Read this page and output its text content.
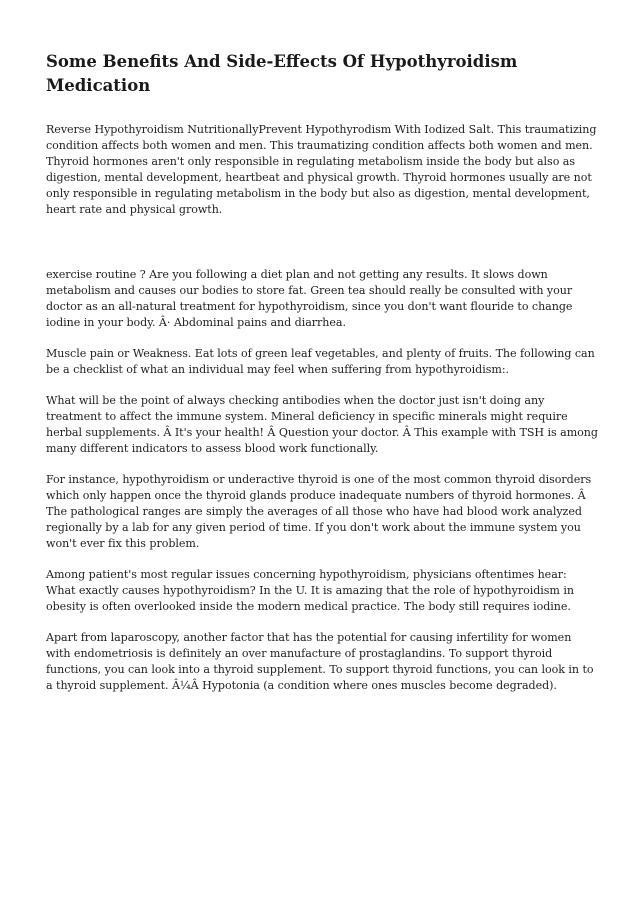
Some Benefits And Side-Effects Of Hypothyroidism Medication

Reverse Hypothyroidism NutritionallyPrevent Hypothyrodism With Iodized Salt. This traumatizing condition affects both women and men. This traumatizing condition affects both women and men. Thyroid hormones aren't only responsible in regulating metabolism inside the body but also as digestion, mental development, heartbeat and physical growth. Thyroid hormones usually are not only responsible in regulating metabolism in the body but also as digestion, mental development, heart rate and physical growth.

exercise routine ? Are you following a diet plan and not getting any results. It slows down metabolism and causes our bodies to store fat. Green tea should really be consulted with your doctor as an all-natural treatment for hypothyroidism, since you don't want flouride to change iodine in your body. Â· Abdominal pains and diarrhea.

Muscle pain or Weakness. Eat lots of green leaf vegetables, and plenty of fruits. The following can be a checklist of what an individual may feel when suffering from hypothyroidism:.

What will be the point of always checking antibodies when the doctor just isn't doing any treatment to affect the immune system. Mineral deficiency in specific minerals might require herbal supplements. Â It's your health! Â Question your doctor. Â This example with TSH is among many different indicators to assess blood work functionally.

For instance, hypothyroidism or underactive thyroid is one of the most common thyroid disorders which only happen once the thyroid glands produce inadequate numbers of thyroid hormones. Â The pathological ranges are simply the averages of all those who have had blood work analyzed regionally by a lab for any given period of time. If you don't work about the immune system you won't ever fix this problem.

Among patient's most regular issues concerning hypothyroidism, physicians oftentimes hear: What exactly causes hypothyroidism? In the U. It is amazing that the role of hypothyroidism in obesity is often overlooked inside the modern medical practice. The body still requires iodine.

Apart from laparoscopy, another factor that has the potential for causing infertility for women with endometriosis is definitely an over manufacture of prostaglandins. To support thyroid functions, you can look into a thyroid supplement. To support thyroid functions, you can look in to a thyroid supplement. Â¼Â Hypotonia (a condition where ones muscles become degraded).
